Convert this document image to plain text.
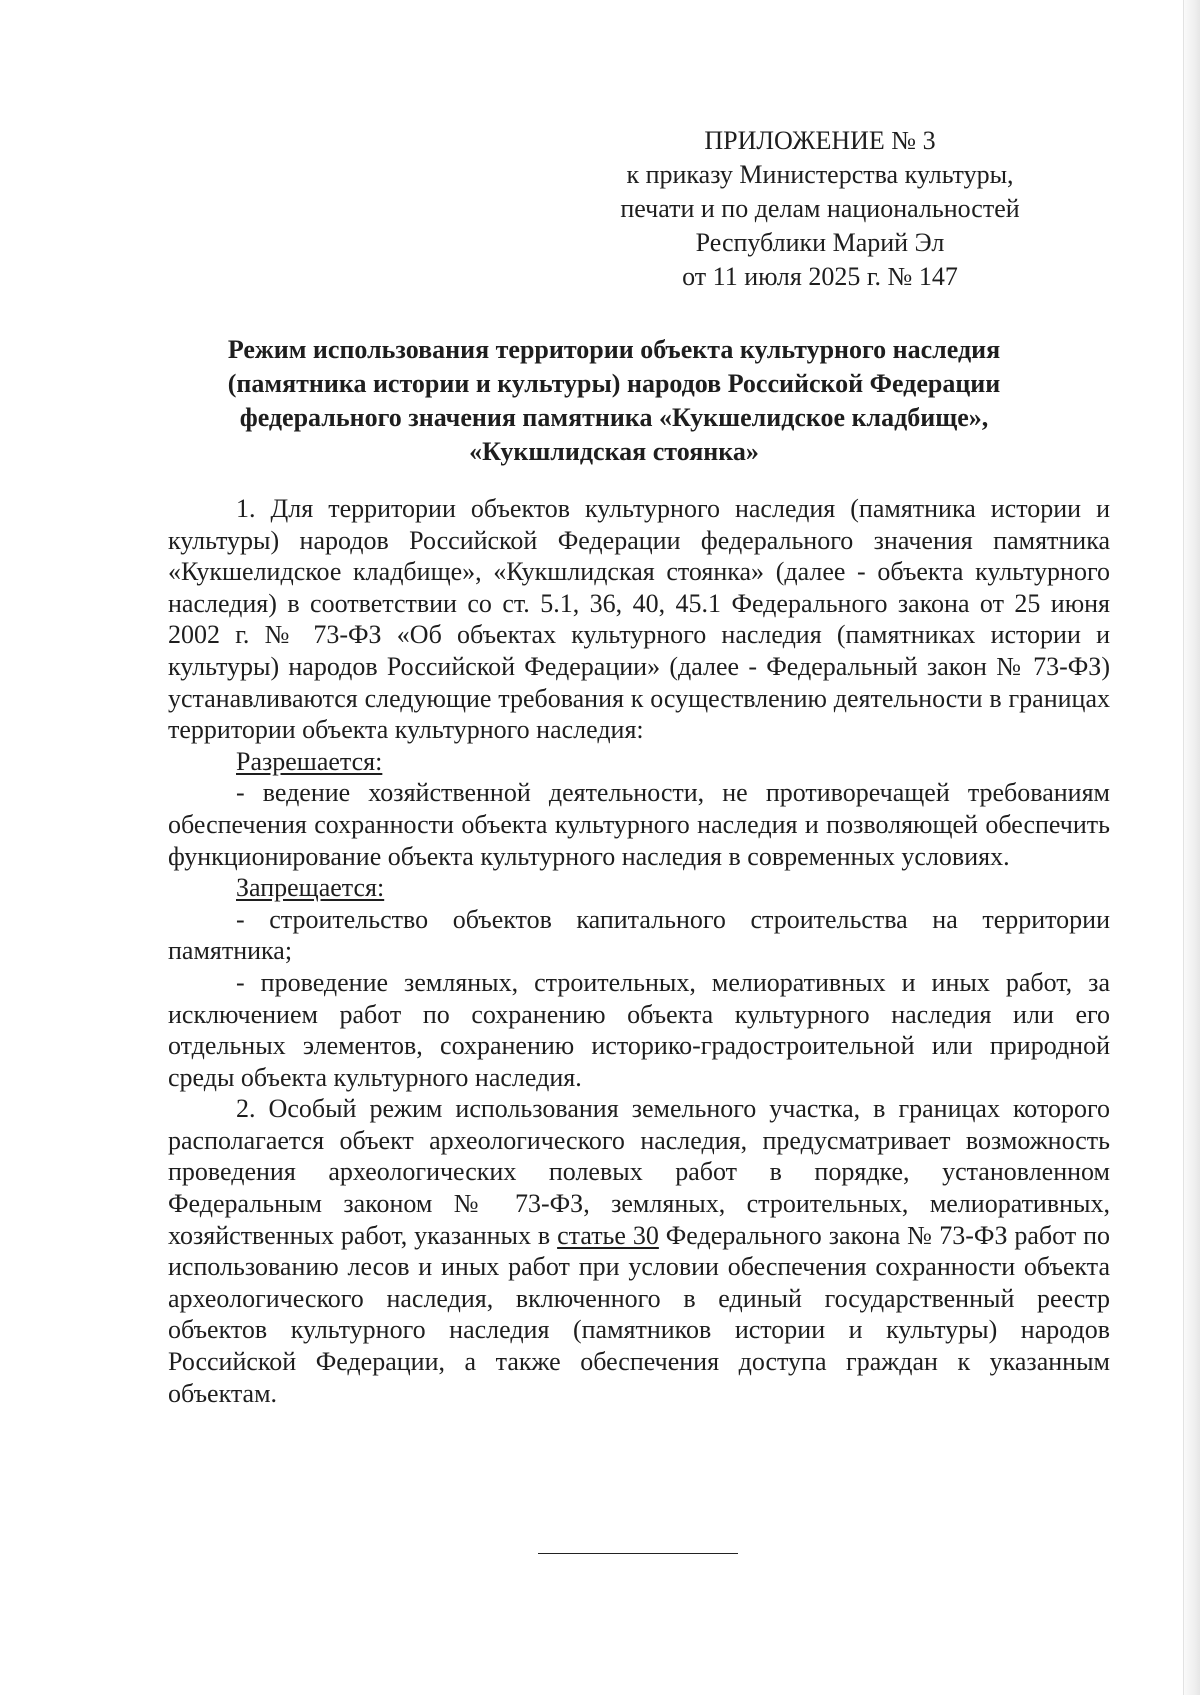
ПРИЛОЖЕНИЕ № 3
к приказу Министерства культуры,
печати и по делам национальностей
Республики Марий Эл
от 11 июля 2025 г. № 147
Режим использования территории объекта культурного наследия
(памятника истории и культуры) народов Российской Федерации
федерального значения памятника «Кукшелидское кладбище»,
«Кукшлидская стоянка»

1. Для территории объектов культурного наследия (памятника истории и культуры) народов Российской Федерации федерального значения памятника «Кукшелидское кладбище», «Кукшлидская стоянка» (далее - объекта культурного наследия) в соответствии со ст. 5.1, 36, 40, 45.1 Федерального закона от 25 июня 2002 г. № 73-ФЗ «Об объектах культурного наследия (памятниках истории и культуры) народов Российской Федерации» (далее - Федеральный закон № 73-ФЗ) устанавливаются следующие требования к осуществлению деятельности в границах территории объекта культурного наследия:

Разрешается:

- ведение хозяйственной деятельности, не противоречащей требованиям обеспечения сохранности объекта культурного наследия и позволяющей обеспечить функционирование объекта культурного наследия в современных условиях.

Запрещается:

- строительство объектов капитального строительства на территории памятника;

- проведение земляных, строительных, мелиоративных и иных работ, за исключением работ по сохранению объекта культурного наследия или его отдельных элементов, сохранению историко-градостроительной или природной среды объекта культурного наследия.

2. Особый режим использования земельного участка, в границах которого располагается объект археологического наследия, предусматривает возможность проведения археологических полевых работ в порядке, установленном Федеральным законом № 73-ФЗ, земляных, строительных, мелиоративных, хозяйственных работ, указанных в статье 30 Федерального закона № 73-ФЗ работ по использованию лесов и иных работ при условии обеспечения сохранности объекта археологического наследия, включенного в единый государственный реестр объектов культурного наследия (памятников истории и культуры) народов Российской Федерации, а также обеспечения доступа граждан к указанным объектам.
